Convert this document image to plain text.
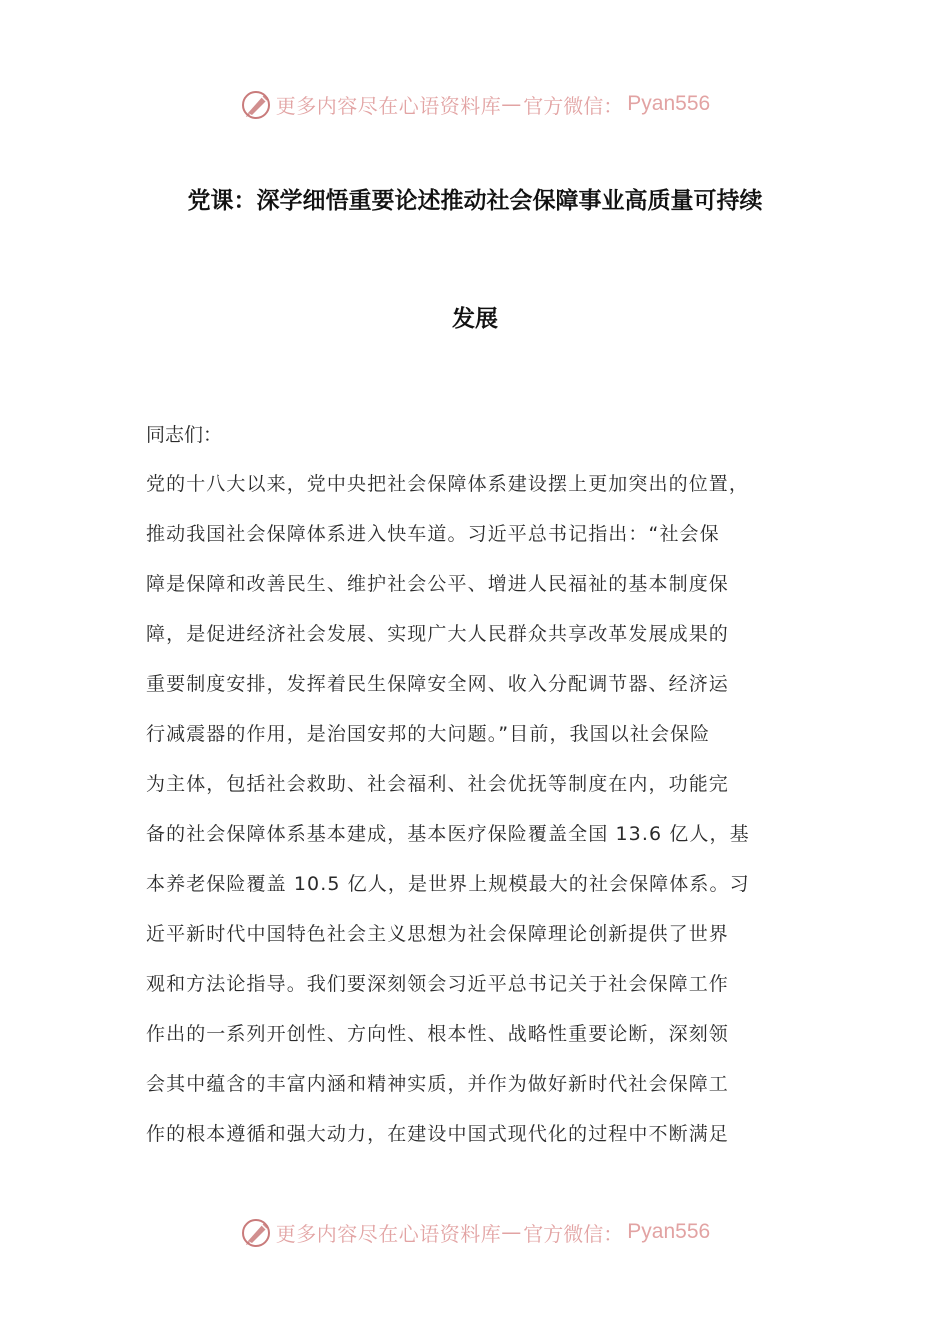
更多内容尽在心语资料库 — 官方微信： Pyan556
党课：深学细悟重要论述推动社会保障事业高质量可持续
发展
同志们：
党的十八大以来，党中央把社会保障体系建设摆上更加突出的位置，
推动我国社会保障体系进入快车道。习近平总书记指出：“社会保
障是保障和改善民生、维护社会公平、增进人民福祉的基本制度保
障，是促进经济社会发展、实现广大人民群众共享改革发展成果的
重要制度安排，发挥着民生保障安全网、收入分配调节器、经济运
行减震器的作用，是治国安邦的大问题。”目前，我国以社会保险
为主体，包括社会救助、社会福利、社会优抚等制度在内，功能完
备的社会保障体系基本建成，基本医疗保险覆盖全国 13.6 亿人，基
本养老保险覆盖 10.5 亿人，是世界上规模最大的社会保障体系。习
近平新时代中国特色社会主义思想为社会保障理论创新提供了世界
观和方法论指导。我们要深刻领会习近平总书记关于社会保障工作
作出的一系列开创性、方向性、根本性、战略性重要论断，深刻领
会其中蕴含的丰富内涵和精神实质，并作为做好新时代社会保障工
作的根本遵循和强大动力，在建设中国式现代化的过程中不断满足
更多内容尽在心语资料库 — 官方微信： Pyan556
